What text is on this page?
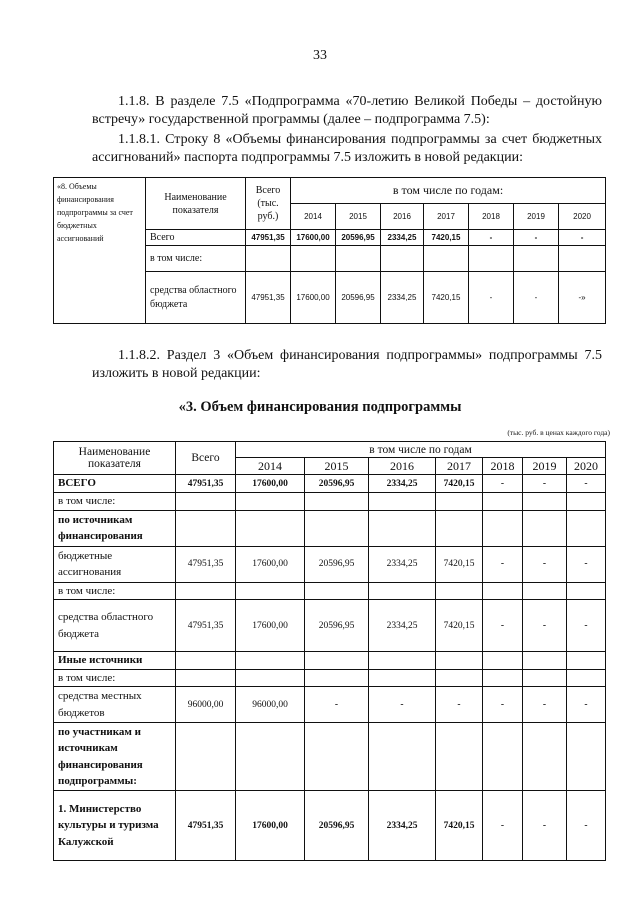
33
1.1.8. В разделе 7.5 «Подпрограмма «70-летию Великой Победы – достойную встречу» государственной программы (далее – подпрограмма 7.5):
1.1.8.1. Строку 8 «Объемы финансирования подпрограммы за счет бюджетных ассигнований» паспорта подпрограммы 7.5 изложить в новой редакции:
«8. Объемы финансирования подпрограммы за счет бюджетных ассигнований	Наименование показателя	Всего (тыс. руб.)	в том числе по годам:						
			2014	2015	2016	2017	2018	2019	2020
	Всего	47951,35	17600,00	20596,95	2334,25	7420,15	-	-	-
	в том числе:								
	средства областного бюджета	47951,35	17600,00	20596,95	2334,25	7420,15	-	-	-»
1.1.8.2. Раздел 3 «Объем финансирования подпрограммы» подпрограммы 7.5 изложить в новой редакции:
«3. Объем финансирования подпрограммы
(тыс. руб. в ценах каждого года)
Наименование показателя	Всего	в том числе по годам						
		2014	2015	2016	2017	2018	2019	2020
ВСЕГО	47951,35	17600,00	20596,95	2334,25	7420,15	-	-	-
в том числе:								
по источникам финансирования								
бюджетные ассигнования	47951,35	17600,00	20596,95	2334,25	7420,15	-	-	-
в том числе:								
средства областного бюджета	47951,35	17600,00	20596,95	2334,25	7420,15	-	-	-
Иные источники								
в том числе:								
средства местных бюджетов	96000,00	96000,00	-	-	-	-	-	-
по участникам и источникам финансирования подпрограммы:								
1. Министерство культуры и туризма Калужской	47951,35	17600,00	20596,95	2334,25	7420,15	-	-	-
